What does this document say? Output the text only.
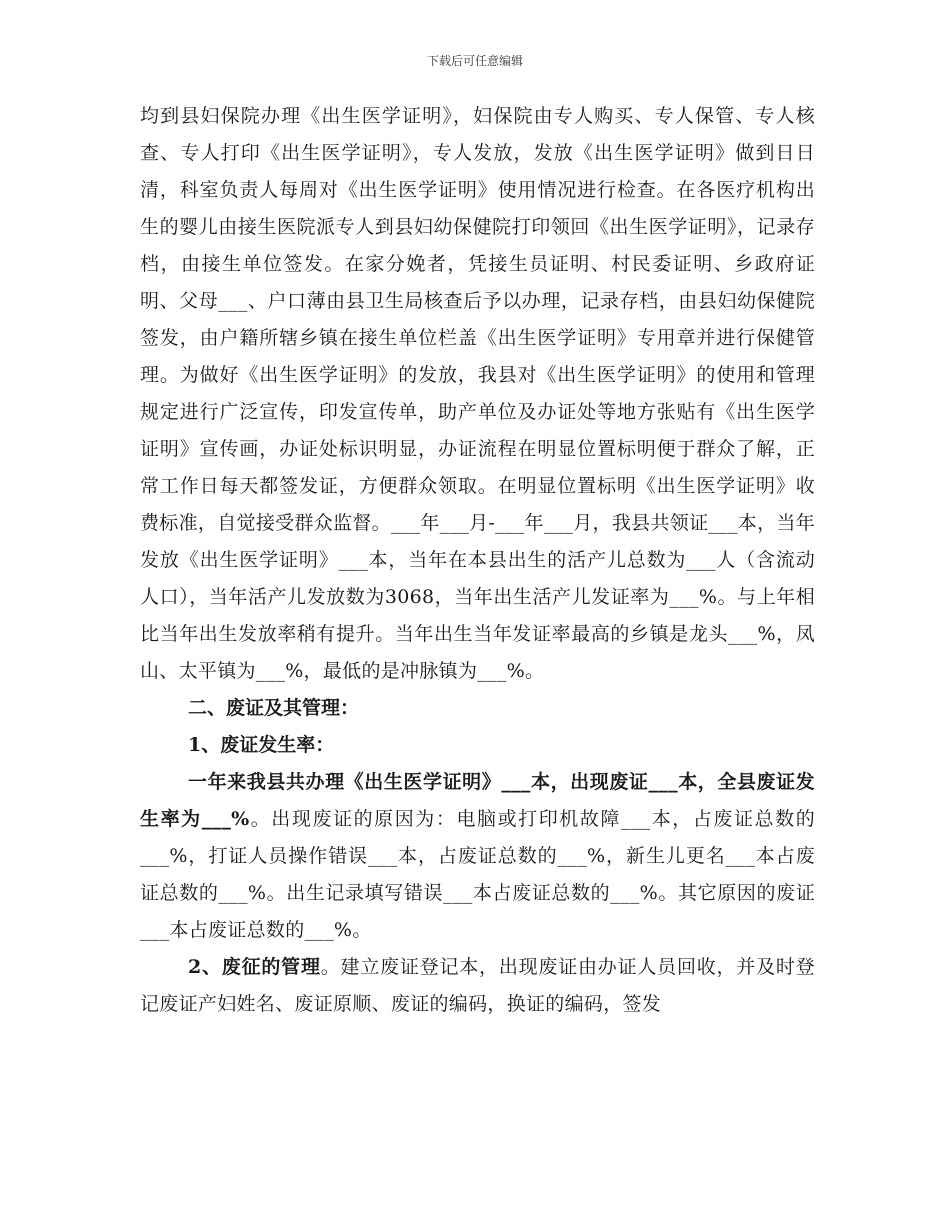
下载后可任意编辑

均到县妇保院办理《出生医学证明》，妇保院由专人购买、专人保管、专人核查、专人打印《出生医学证明》，专人发放，发放《出生医学证明》做到日日清，科室负责人每周对《出生医学证明》使用情况进行检查。在各医疗机构出生的婴儿由接生医院派专人到县妇幼保健院打印领回《出生医学证明》，记录存档，由接生单位签发。在家分娩者，凭接生员证明、村民委证明、乡政府证明、父母___、户口薄由县卫生局核查后予以办理，记录存档，由县妇幼保健院签发，由户籍所辖乡镇在接生单位栏盖《出生医学证明》专用章并进行保健管理。为做好《出生医学证明》的发放，我县对《出生医学证明》的使用和管理规定进行广泛宣传，印发宣传单，助产单位及办证处等地方张贴有《出生医学证明》宣传画，办证处标识明显，办证流程在明显位置标明便于群众了解，正常工作日每天都签发证，方便群众领取。在明显位置标明《出生医学证明》收费标准，自觉接受群众监督。___年___月-___年___月，我县共领证___本，当年发放《出生医学证明》___本，当年在本县出生的活产儿总数为___人（含流动人口），当年活产儿发放数为3068，当年出生活产儿发证率为___%。与上年相比当年出生发放率稍有提升。当年出生当年发证率最高的乡镇是龙头___%，凤山、太平镇为___%，最低的是冲脉镇为___%。

二、废证及其管理：

1、废证发生率：

一年来我县共办理《出生医学证明》___本，出现废证___本，全县废证发生率为___%。出现废证的原因为：电脑或打印机故障___本，占废证总数的___%，打证人员操作错误___本，占废证总数的___%，新生儿更名___本占废证总数的___%。出生记录填写错误___本占废证总数的___%。其它原因的废证___本占废证总数的___%。

2、废征的管理。建立废证登记本，出现废证由办证人员回收，并及时登记废证产妇姓名、废证原顺、废证的编码，换证的编码，签发
